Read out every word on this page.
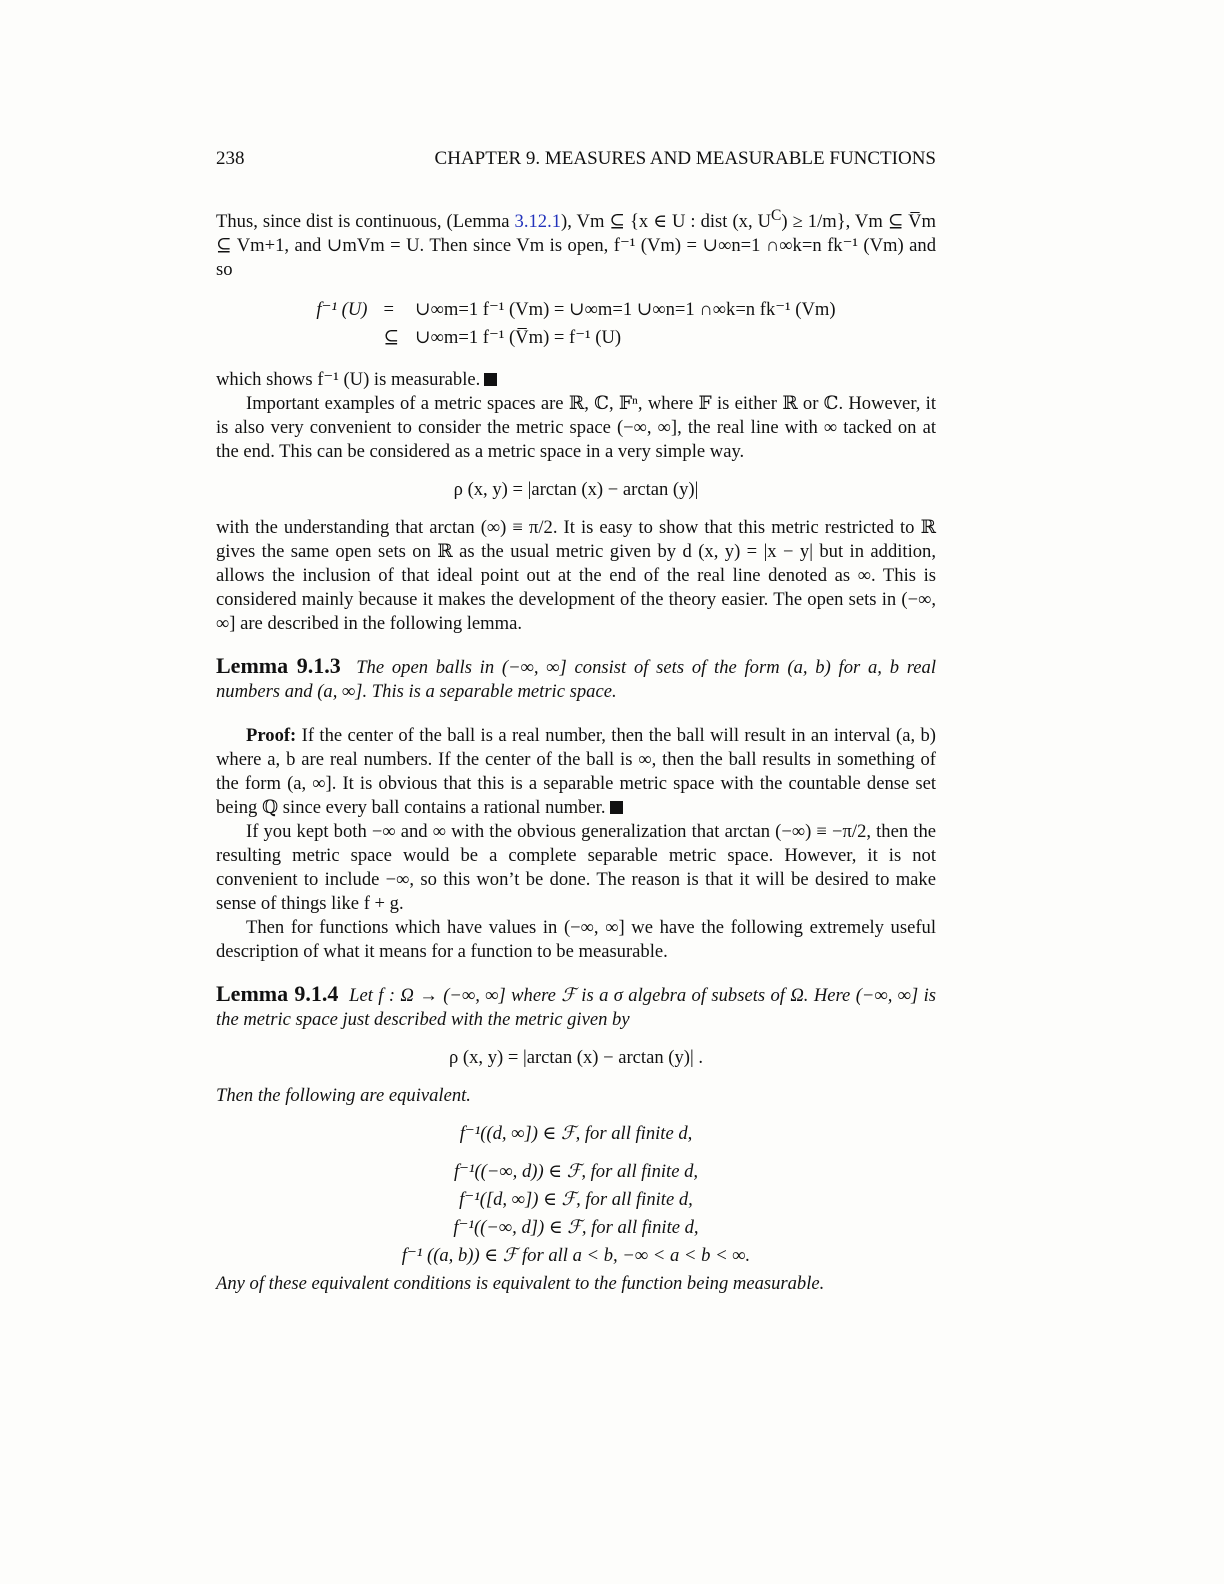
238	CHAPTER 9. MEASURES AND MEASURABLE FUNCTIONS

Thus, since dist is continuous, (Lemma 3.12.1), Vm ⊆ {x ∈ U : dist (x, $U^C) \ge 1/m$}, Vm ⊆ V̅m ⊆ Vm+1, and ∪mVm = U. Then since Vm is open, f⁻¹ (Vm) = ∪∞n=1 ∩∞k=n fk⁻¹ (Vm) and so

f⁻¹ (U)	=	∪∞m=1 f⁻¹ (Vm) = ∪∞m=1 ∪∞n=1 ∩∞k=n fk⁻¹ (Vm)
	⊆	∪∞m=1 f⁻¹ (V̅m) = f⁻¹ (U)

which shows f⁻¹ (U) is measurable.

Important examples of a metric spaces are ℝ, ℂ, 𝔽ⁿ, where 𝔽 is either ℝ or ℂ. However, it is also very convenient to consider the metric space (−∞, ∞], the real line with ∞ tacked on at the end. This can be considered as a metric space in a very simple way.

ρ (x, y) = |arctan (x) − arctan (y)|

with the understanding that arctan (∞) ≡ π/2. It is easy to show that this metric restricted to ℝ gives the same open sets on ℝ as the usual metric given by d (x, y) = |x − y| but in addition, allows the inclusion of that ideal point out at the end of the real line denoted as ∞. This is considered mainly because it makes the development of the theory easier. The open sets in (−∞, ∞] are described in the following lemma.

Lemma 9.1.3 The open balls in (−∞, ∞] consist of sets of the form (a, b) for a, b real numbers and (a, ∞]. This is a separable metric space.

Proof: If the center of the ball is a real number, then the ball will result in an interval (a, b) where a, b are real numbers. If the center of the ball is ∞, then the ball results in something of the form (a, ∞]. It is obvious that this is a separable metric space with the countable dense set being ℚ since every ball contains a rational number.

If you kept both −∞ and ∞ with the obvious generalization that arctan (−∞) ≡ −π/2, then the resulting metric space would be a complete separable metric space. However, it is not convenient to include −∞, so this won’t be done. The reason is that it will be desired to make sense of things like f + g.

Then for functions which have values in (−∞, ∞] we have the following extremely useful description of what it means for a function to be measurable.

Lemma 9.1.4 Let f : Ω → (−∞, ∞] where ℱ is a σ algebra of subsets of Ω. Here (−∞, ∞] is the metric space just described with the metric given by

ρ (x, y) = |arctan (x) − arctan (y)| .

Then the following are equivalent.

f⁻¹((d, ∞]) ∈ ℱ, for all finite d,
f⁻¹((−∞, d)) ∈ ℱ, for all finite d,
f⁻¹([d, ∞]) ∈ ℱ, for all finite d,
f⁻¹((−∞, d]) ∈ ℱ, for all finite d,
f⁻¹ ((a, b)) ∈ ℱ for all a < b, −∞ < a < b < ∞.

Any of these equivalent conditions is equivalent to the function being measurable.
